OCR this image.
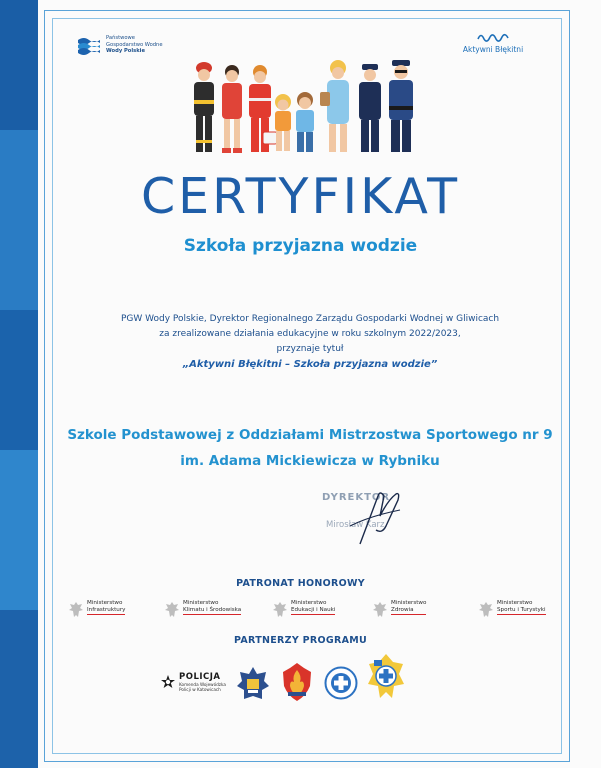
Państwowe
Gospodarstwo Wodne
Wody Polskie	Aktywni Błękitni
CERTYFIKAT
Szkoła przyjazna wodzie
PGW Wody Polskie, Dyrektor Regionalnego Zarządu Gospodarki Wodnej w Gliwicach
za zrealizowane działania edukacyjne w roku szkolnym 2022/2023,
przyznaje tytuł
„Aktywni Błękitni – Szkoła przyjazna wodzie”
Szkole Podstawowej z Oddziałami Mistrzostwa Sportowego nr 9
im. Adama Mickiewicza w Rybniku
DYREKTOR
Mirosław Karz
PATRONAT HONOROWY
Ministerstwo
Infrastruktury
Ministerstwo
Klimatu i Środowiska
Ministerstwo
Edukacji i Nauki
Ministerstwo
Zdrowia
Ministerstwo
Sportu i Turystyki
PARTNERZY PROGRAMU
POLICJA
Komenda Wojewódzka
Policji w Katowicach
